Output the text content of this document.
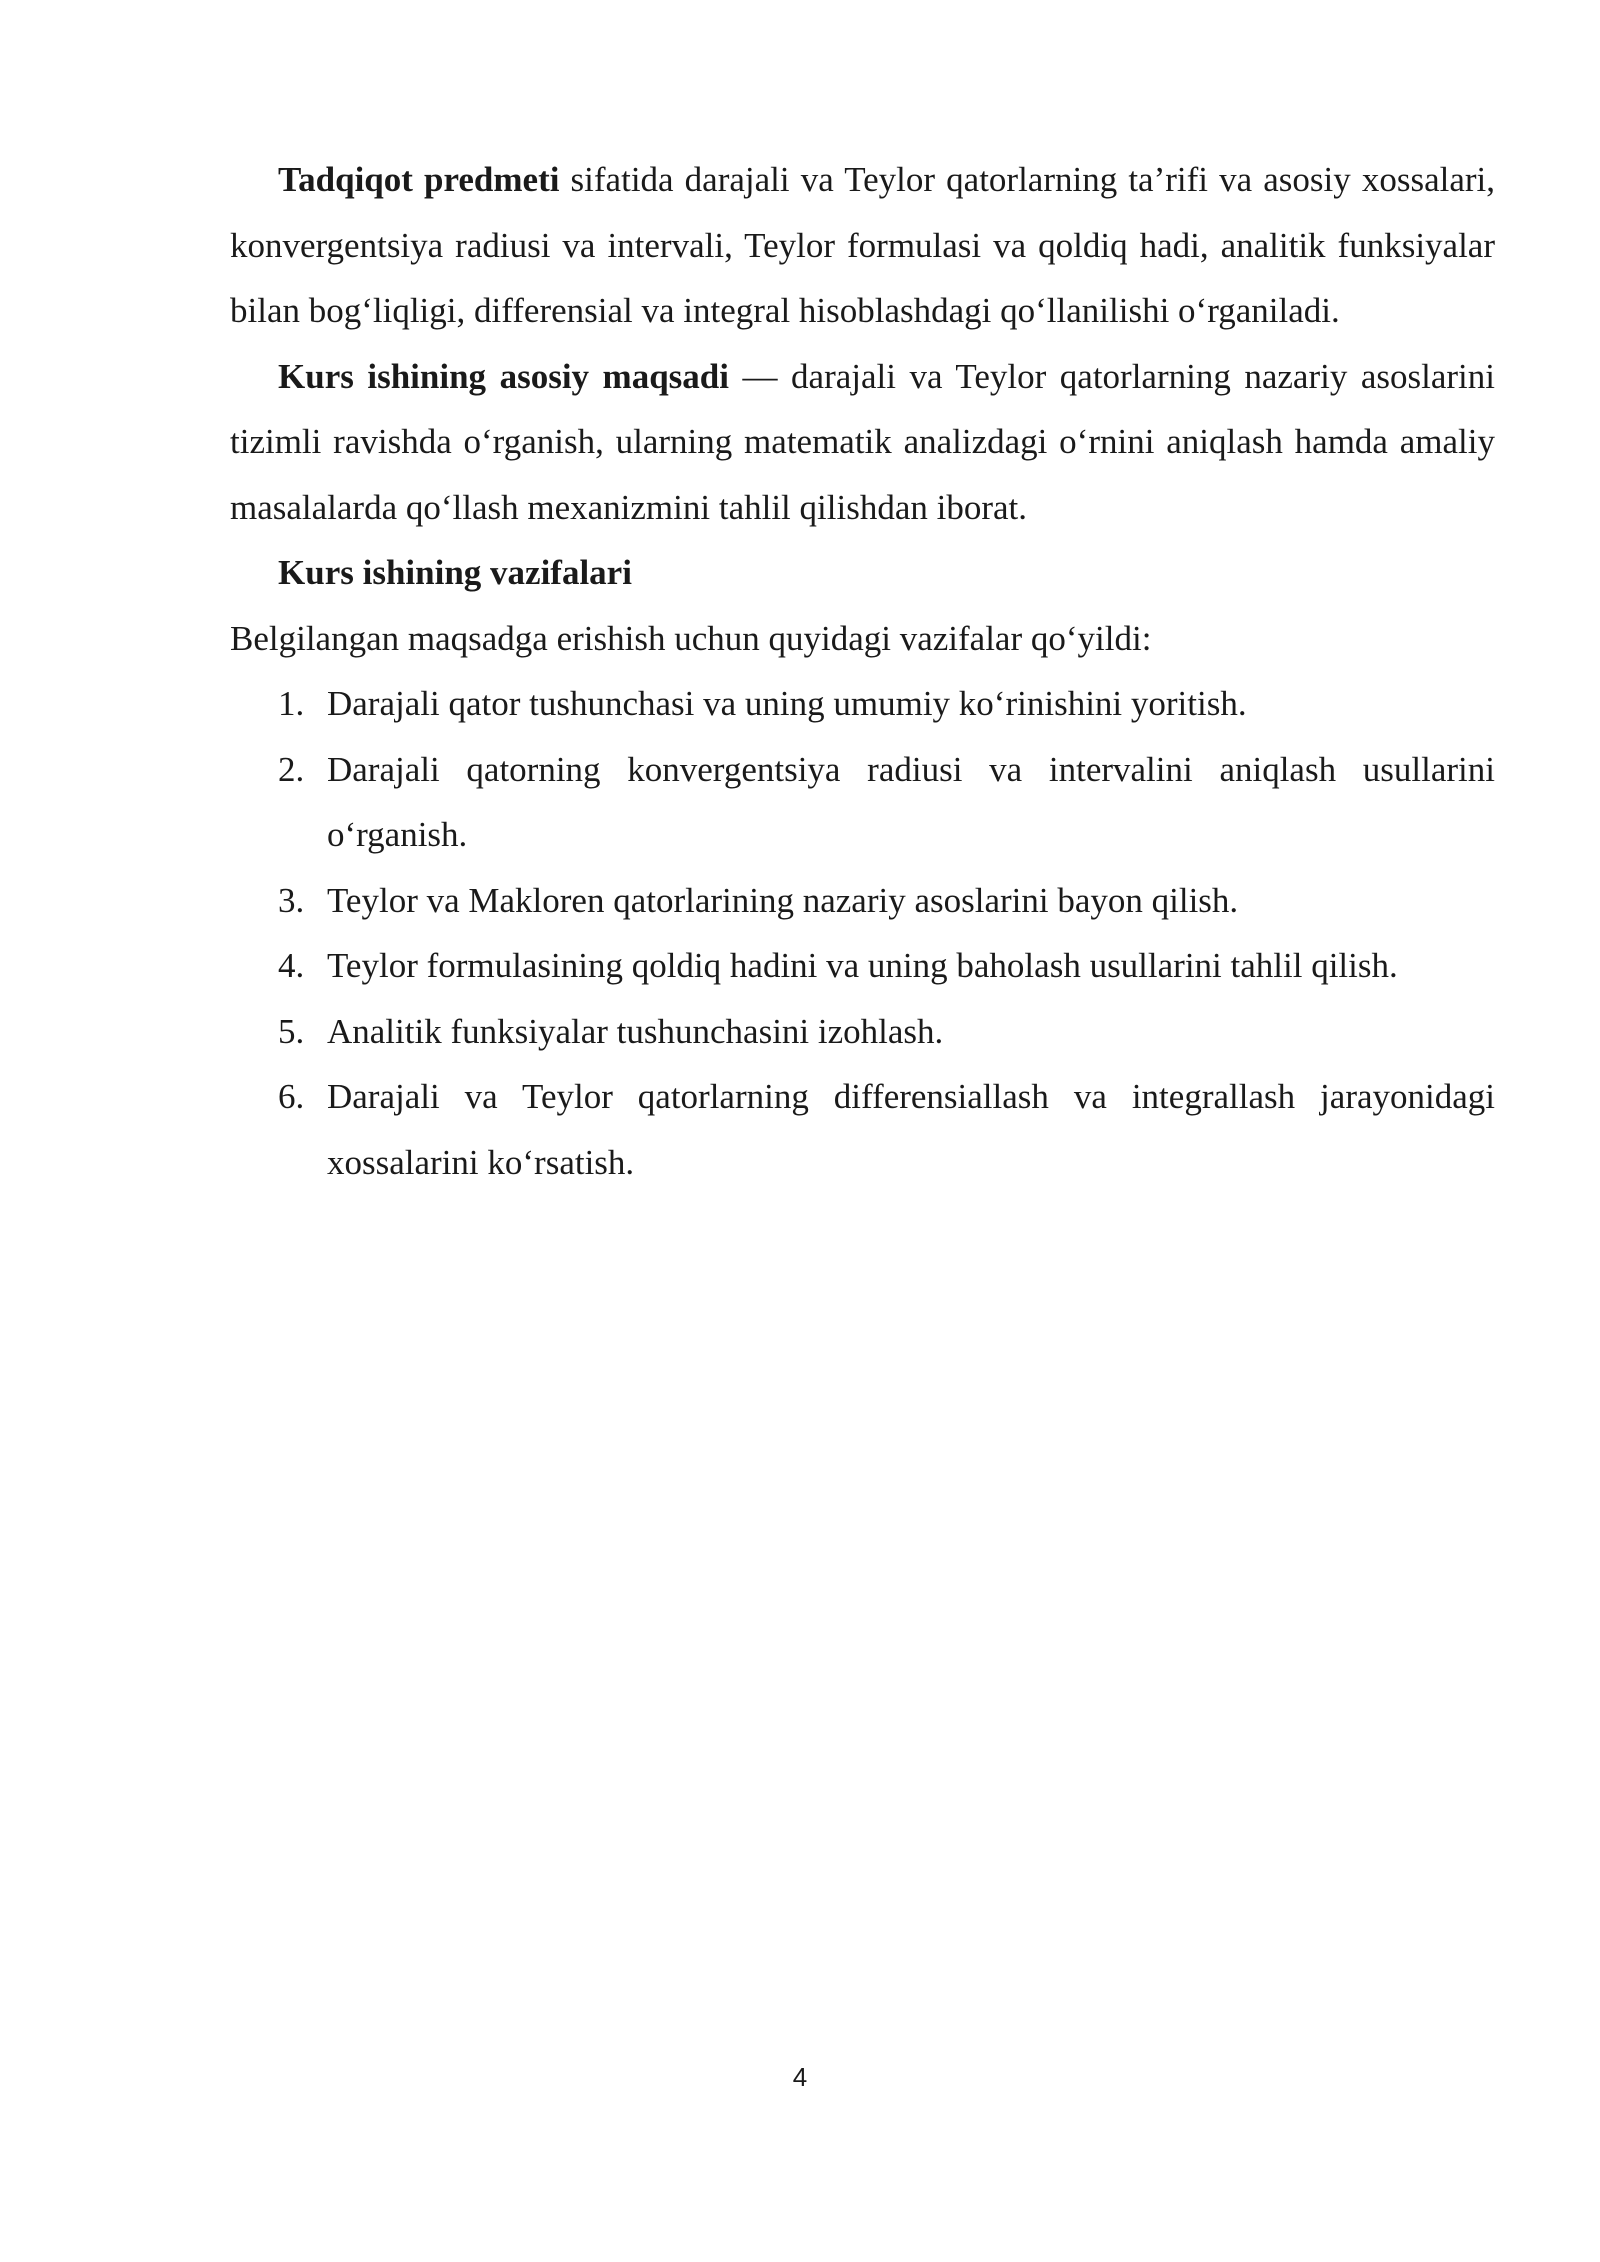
Tadqiqot predmeti sifatida darajali va Teylor qatorlarning ta’rifi va asosiy xossalari, konvergentsiya radiusi va intervali, Teylor formulasi va qoldiq hadi, analitik funksiyalar bilan bog‘liqligi, differensial va integral hisoblashdagi qo‘llanilishi o‘rganiladi.

Kurs ishining asosiy maqsadi — darajali va Teylor qatorlarning nazariy asoslarini tizimli ravishda o‘rganish, ularning matematik analizdagi o‘rnini aniqlash hamda amaliy masalalarda qo‘llash mexanizmini tahlil qilishdan iborat.

Kurs ishining vazifalari

Belgilangan maqsadga erishish uchun quyidagi vazifalar qo‘yildi:

1. Darajali qator tushunchasi va uning umumiy ko‘rinishini yoritish.
2. Darajali qatorning konvergentsiya radiusi va intervalini aniqlash usullarini o‘rganish.
3. Teylor va Makloren qatorlarining nazariy asoslarini bayon qilish.
4. Teylor formulasining qoldiq hadini va uning baholash usullarini tahlil qilish.
5. Analitik funksiyalar tushunchasini izohlash.
6. Darajali va Teylor qatorlarning differensiallash va integrallash jarayonidagi xossalarini ko‘rsatish.
4
